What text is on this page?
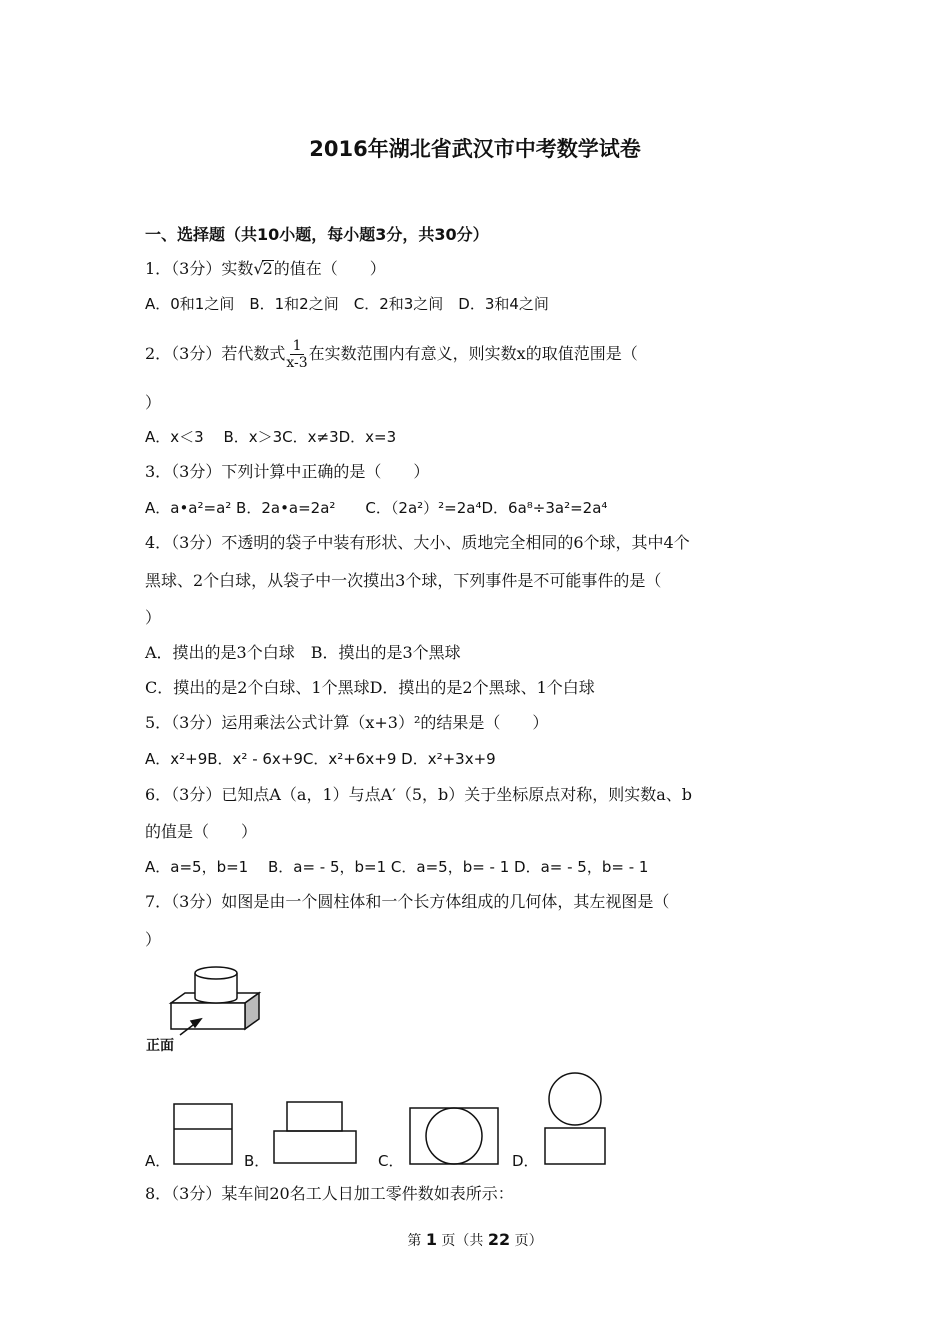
2016年湖北省武汉市中考数学试卷
一、选择题（共10小题，每小题3分，共30分）
1．（3分）实数√2的值在（　　）
A．0和1之间　B．1和2之间　C．2和3之间　D．3和4之间
2．（3分）若代数式 $\frac{1}{x-3}$ 在实数范围内有意义，则实数x的取值范围是（
）
A．x＜3　 B．x＞3C．x≠3D．x=3
3．（3分）下列计算中正确的是（　　）
A．a•a²=a² B．2a•a=2a²　　C．（2a²）²=2a⁴D．6a⁸÷3a²=2a⁴
4．（3分）不透明的袋子中装有形状、大小、质地完全相同的6个球，其中4个
黑球、2个白球，从袋子中一次摸出3个球，下列事件是不可能事件的是（
）
A．摸出的是3个白球　B．摸出的是3个黑球
C．摸出的是2个白球、1个黑球D．摸出的是2个黑球、1个白球
5．（3分）运用乘法公式计算（x+3）²的结果是（　　）
A．x²+9B．x² - 6x+9C．x²+6x+9 D．x²+3x+9
6．（3分）已知点A（a，1）与点A′（5，b）关于坐标原点对称，则实数a、b
的值是（　　）
A．a=5，b=1　 B．a= - 5，b=1 C．a=5，b= - 1 D．a= - 5，b= - 1
7．（3分）如图是由一个圆柱体和一个长方体组成的几何体，其左视图是（
）
正面
A．	B．	C．	D．
8．（3分）某车间20名工人日加工零件数如表所示：
第 1 页（共 22 页）
